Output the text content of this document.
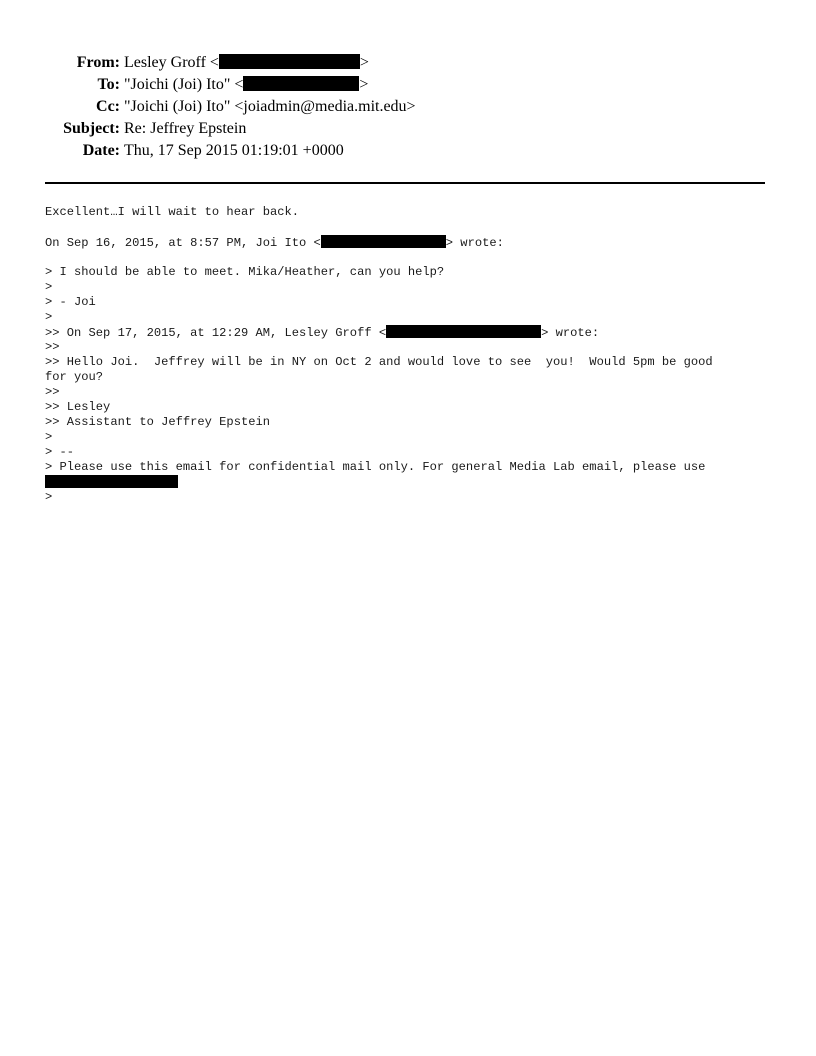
From: Lesley Groff <	>
To: "Joichi (Joi) Ito" <	>
Cc: "Joichi (Joi) Ito" <joiadmin@media.mit.edu>
Subject: Re: Jeffrey Epstein
Date: Thu, 17 Sep 2015 01:19:01 +0000
Excellent…I will wait to hear back.
On Sep 16, 2015, at 8:57 PM, Joi Ito <	> wrote:
> I should be able to meet. Mika/Heather, can you help?
>
> - Joi
>
>> On Sep 17, 2015, at 12:29 AM, Lesley Groff <	> wrote:
>>
>> Hello Joi.  Jeffrey will be in NY on Oct 2 and would love to see  you!  Would 5pm be good
for you?
>>
>> Lesley
>> Assistant to Jeffrey Epstein
>
> --
> Please use this email for confidential mail only. For general Media Lab email, please use
>
